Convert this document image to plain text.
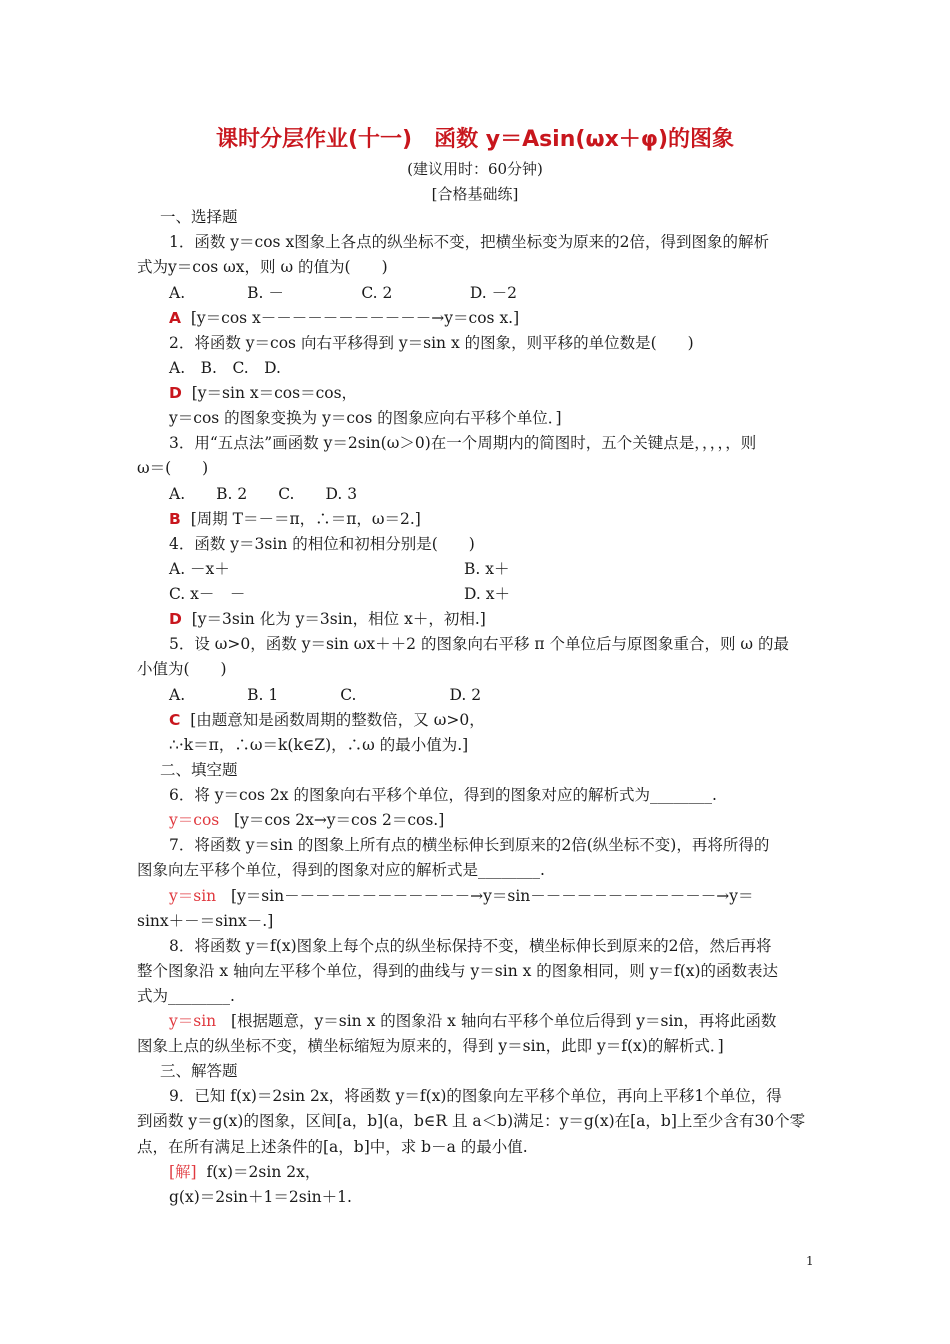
课时分层作业(十一)　函数 y＝Asin(ωx＋φ)的图象
(建议用时：60分钟)
[合格基础练]
一、选择题
1．函数 y＝cos x图象上各点的纵坐标不变，把横坐标变为原来的2倍，得到图象的解析
式为y＝cos ωx，则 ω 的值为(　　)
A.　　　　B. －　　　　　C. 2　　　　　D. －2
A [y＝cos x－－－－－－－－－－－→y＝cos x.]
2．将函数 y＝cos 向右平移得到 y＝sin x 的图象，则平移的单位数是(　　)
A.　B.　C.　D.
D [y＝sin x＝cos＝cos，
y＝cos 的图象变换为 y＝cos 的图象应向右平移个单位．]
3．用“五点法”画函数 y＝2sin(ω＞0)在一个周期内的简图时，五个关键点是，，，，，则
ω＝(　　)
A.　　B. 2　　C.　　D. 3
B [周期 T＝－＝π，∴＝π，ω＝2.]
4．函数 y＝3sin 的相位和初相分别是(　　)
A. －x＋	B. x＋
C. x－　－	D. x＋
D [y＝3sin 化为 y＝3sin，相位 x＋，初相.]
5．设 ω>0，函数 y＝sin ωx＋＋2 的图象向右平移 π 个单位后与原图象重合，则 ω 的最
小值为(　　)
A.　　　　B. 1　　　　C.　　　　　　D. 2
C [由题意知是函数周期的整数倍，又 ω>0，
∴·k＝π，∴ω＝k(k∈Z)，∴ω 的最小值为.]
二、填空题
6．将 y＝cos 2x 的图象向右平移个单位，得到的图象对应的解析式为________.
y＝cos [y＝cos 2x→y＝cos 2＝cos.]
7．将函数 y＝sin 的图象上所有点的横坐标伸长到原来的2倍(纵坐标不变)，再将所得的
图象向左平移个单位，得到的图象对应的解析式是________.
y＝sin [y＝sin－－－－－－－－－－－－→y＝sin－－－－－－－－－－－－→y＝
sinx＋－＝sinx－.]
8．将函数 y＝f(x)图象上每个点的纵坐标保持不变，横坐标伸长到原来的2倍，然后再将
整个图象沿 x 轴向左平移个单位，得到的曲线与 y＝sin x 的图象相同，则 y＝f(x)的函数表达
式为________.
y＝sin [根据题意，y＝sin x 的图象沿 x 轴向右平移个单位后得到 y＝sin，再将此函数
图象上点的纵坐标不变，横坐标缩短为原来的，得到 y＝sin，此即 y＝f(x)的解析式．]
三、解答题
9．已知 f(x)＝2sin 2x，将函数 y＝f(x)的图象向左平移个单位，再向上平移1个单位，得
到函数 y＝g(x)的图象，区间[a，b](a，b∈R 且 a＜b)满足：y＝g(x)在[a，b]上至少含有30个零
点，在所有满足上述条件的[a，b]中，求 b－a 的最小值.
[解] f(x)＝2sin 2x，
g(x)＝2sin＋1＝2sin＋1.
1
